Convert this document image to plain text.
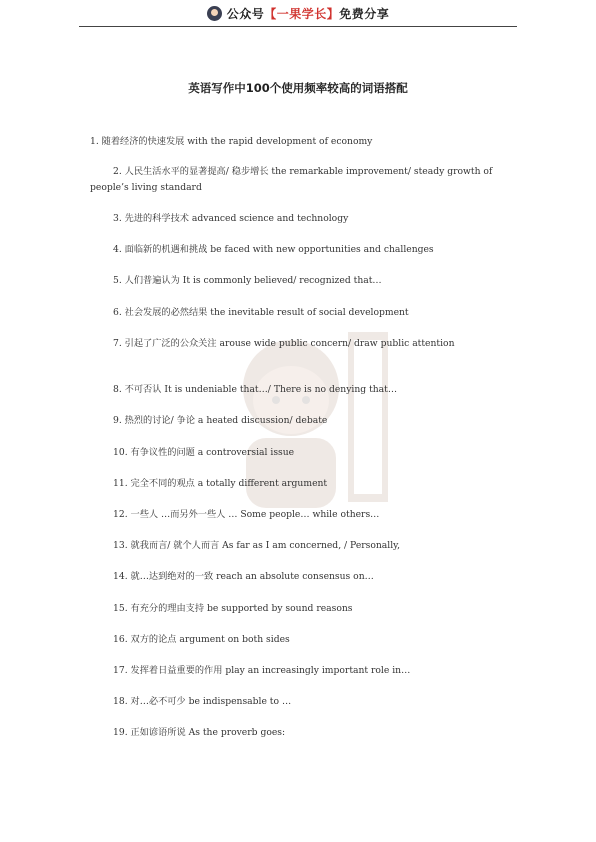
公众号【一果学长】免费分享
英语写作中100个使用频率较高的词语搭配
1. 随着经济的快速发展 with the rapid development of economy
2. 人民生活水平的显著提高/ 稳步增长 the remarkable improvement/ steady growth of people’s living standard
3. 先进的科学技术 advanced science and technology
4. 面临新的机遇和挑战 be faced with new opportunities and challenges
5. 人们普遍认为 It is commonly believed/ recognized that…
6. 社会发展的必然结果 the inevitable result of social development
7. 引起了广泛的公众关注 arouse wide public concern/ draw public attention
8. 不可否认 It is undeniable that…/ There is no denying that…
9. 热烈的讨论/ 争论 a heated discussion/ debate
10. 有争议性的问题 a controversial issue
11. 完全不同的观点 a totally different argument
12. 一些人 …而另外一些人 … Some people… while others…
13. 就我而言/ 就个人而言 As far as I am concerned, / Personally,
14. 就…达到绝对的一致 reach an absolute consensus on…
15. 有充分的理由支持 be supported by sound reasons
16. 双方的论点 argument on both sides
17. 发挥着日益重要的作用 play an increasingly important role in…
18. 对…必不可少 be indispensable to …
19. 正如谚语所说 As the proverb goes:
